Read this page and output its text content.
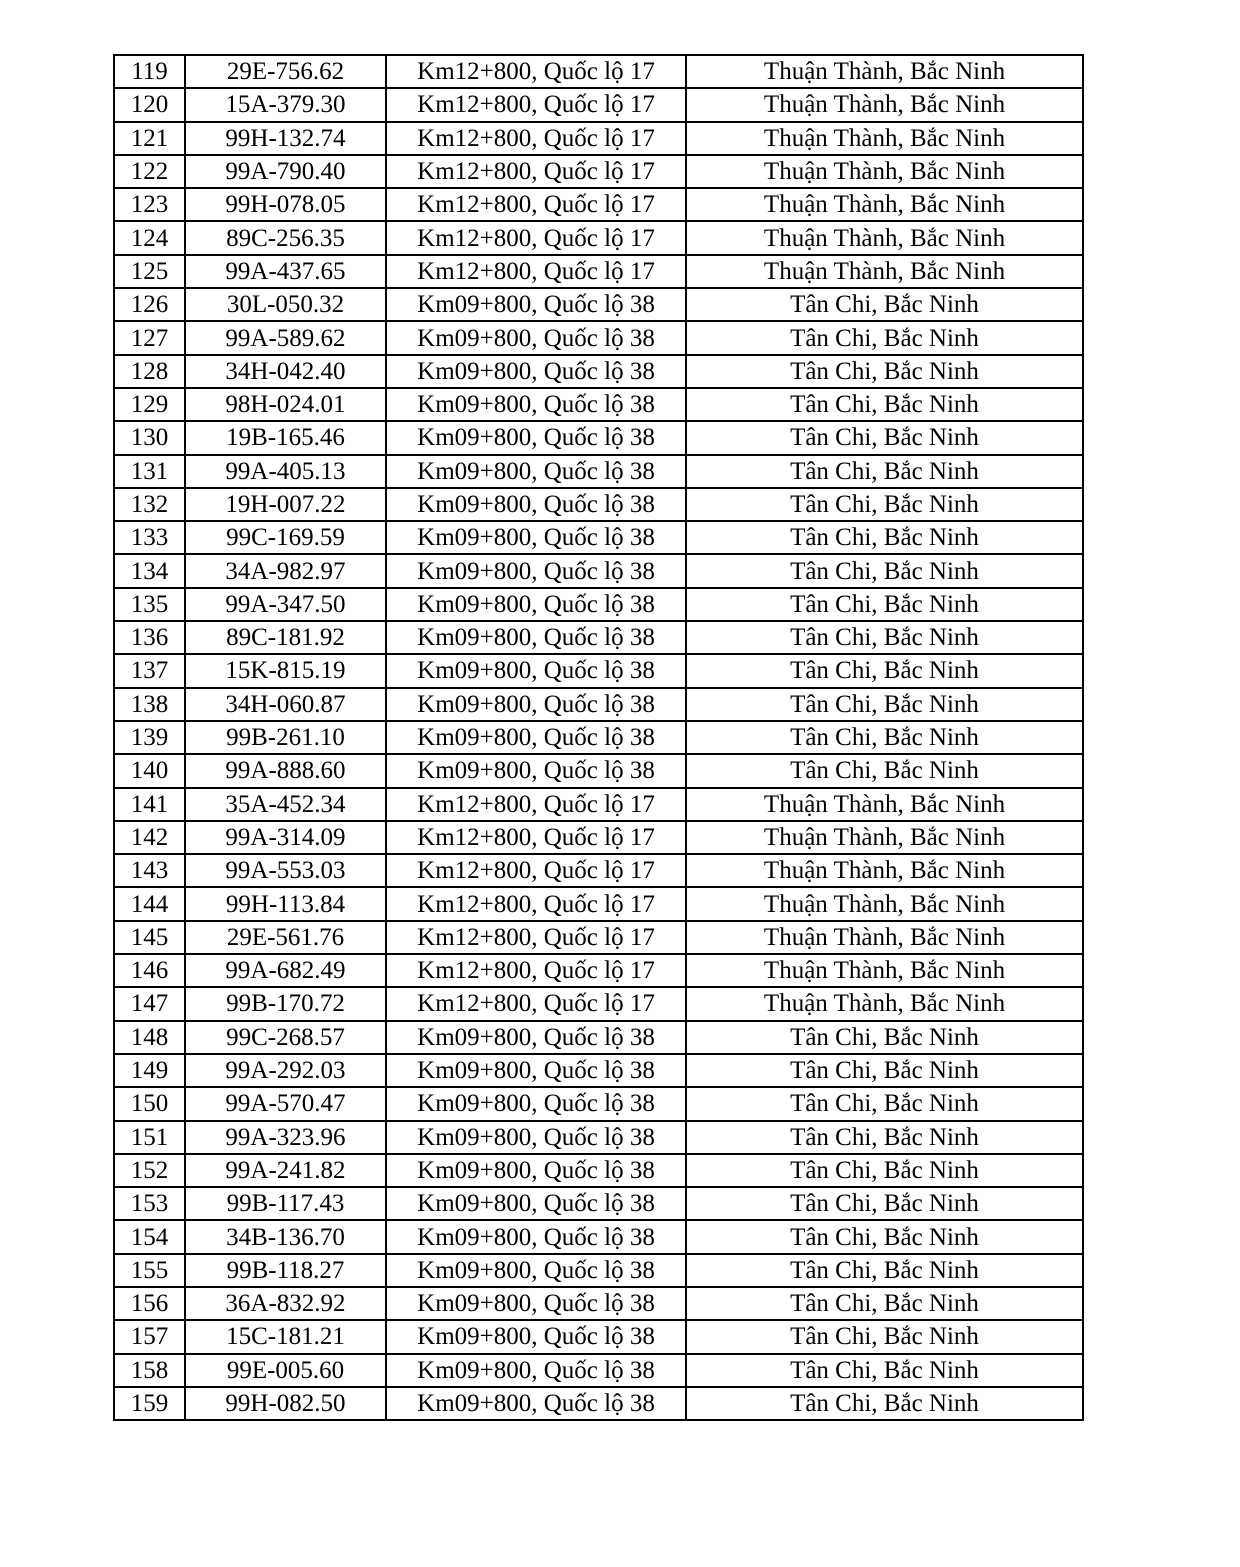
119	29E-756.62	Km12+800, Quốc lộ 17	Thuận Thành, Bắc Ninh
120	15A-379.30	Km12+800, Quốc lộ 17	Thuận Thành, Bắc Ninh
121	99H-132.74	Km12+800, Quốc lộ 17	Thuận Thành, Bắc Ninh
122	99A-790.40	Km12+800, Quốc lộ 17	Thuận Thành, Bắc Ninh
123	99H-078.05	Km12+800, Quốc lộ 17	Thuận Thành, Bắc Ninh
124	89C-256.35	Km12+800, Quốc lộ 17	Thuận Thành, Bắc Ninh
125	99A-437.65	Km12+800, Quốc lộ 17	Thuận Thành, Bắc Ninh
126	30L-050.32	Km09+800, Quốc lộ 38	Tân Chi, Bắc Ninh
127	99A-589.62	Km09+800, Quốc lộ 38	Tân Chi, Bắc Ninh
128	34H-042.40	Km09+800, Quốc lộ 38	Tân Chi, Bắc Ninh
129	98H-024.01	Km09+800, Quốc lộ 38	Tân Chi, Bắc Ninh
130	19B-165.46	Km09+800, Quốc lộ 38	Tân Chi, Bắc Ninh
131	99A-405.13	Km09+800, Quốc lộ 38	Tân Chi, Bắc Ninh
132	19H-007.22	Km09+800, Quốc lộ 38	Tân Chi, Bắc Ninh
133	99C-169.59	Km09+800, Quốc lộ 38	Tân Chi, Bắc Ninh
134	34A-982.97	Km09+800, Quốc lộ 38	Tân Chi, Bắc Ninh
135	99A-347.50	Km09+800, Quốc lộ 38	Tân Chi, Bắc Ninh
136	89C-181.92	Km09+800, Quốc lộ 38	Tân Chi, Bắc Ninh
137	15K-815.19	Km09+800, Quốc lộ 38	Tân Chi, Bắc Ninh
138	34H-060.87	Km09+800, Quốc lộ 38	Tân Chi, Bắc Ninh
139	99B-261.10	Km09+800, Quốc lộ 38	Tân Chi, Bắc Ninh
140	99A-888.60	Km09+800, Quốc lộ 38	Tân Chi, Bắc Ninh
141	35A-452.34	Km12+800, Quốc lộ 17	Thuận Thành, Bắc Ninh
142	99A-314.09	Km12+800, Quốc lộ 17	Thuận Thành, Bắc Ninh
143	99A-553.03	Km12+800, Quốc lộ 17	Thuận Thành, Bắc Ninh
144	99H-113.84	Km12+800, Quốc lộ 17	Thuận Thành, Bắc Ninh
145	29E-561.76	Km12+800, Quốc lộ 17	Thuận Thành, Bắc Ninh
146	99A-682.49	Km12+800, Quốc lộ 17	Thuận Thành, Bắc Ninh
147	99B-170.72	Km12+800, Quốc lộ 17	Thuận Thành, Bắc Ninh
148	99C-268.57	Km09+800, Quốc lộ 38	Tân Chi, Bắc Ninh
149	99A-292.03	Km09+800, Quốc lộ 38	Tân Chi, Bắc Ninh
150	99A-570.47	Km09+800, Quốc lộ 38	Tân Chi, Bắc Ninh
151	99A-323.96	Km09+800, Quốc lộ 38	Tân Chi, Bắc Ninh
152	99A-241.82	Km09+800, Quốc lộ 38	Tân Chi, Bắc Ninh
153	99B-117.43	Km09+800, Quốc lộ 38	Tân Chi, Bắc Ninh
154	34B-136.70	Km09+800, Quốc lộ 38	Tân Chi, Bắc Ninh
155	99B-118.27	Km09+800, Quốc lộ 38	Tân Chi, Bắc Ninh
156	36A-832.92	Km09+800, Quốc lộ 38	Tân Chi, Bắc Ninh
157	15C-181.21	Km09+800, Quốc lộ 38	Tân Chi, Bắc Ninh
158	99E-005.60	Km09+800, Quốc lộ 38	Tân Chi, Bắc Ninh
159	99H-082.50	Km09+800, Quốc lộ 38	Tân Chi, Bắc Ninh
